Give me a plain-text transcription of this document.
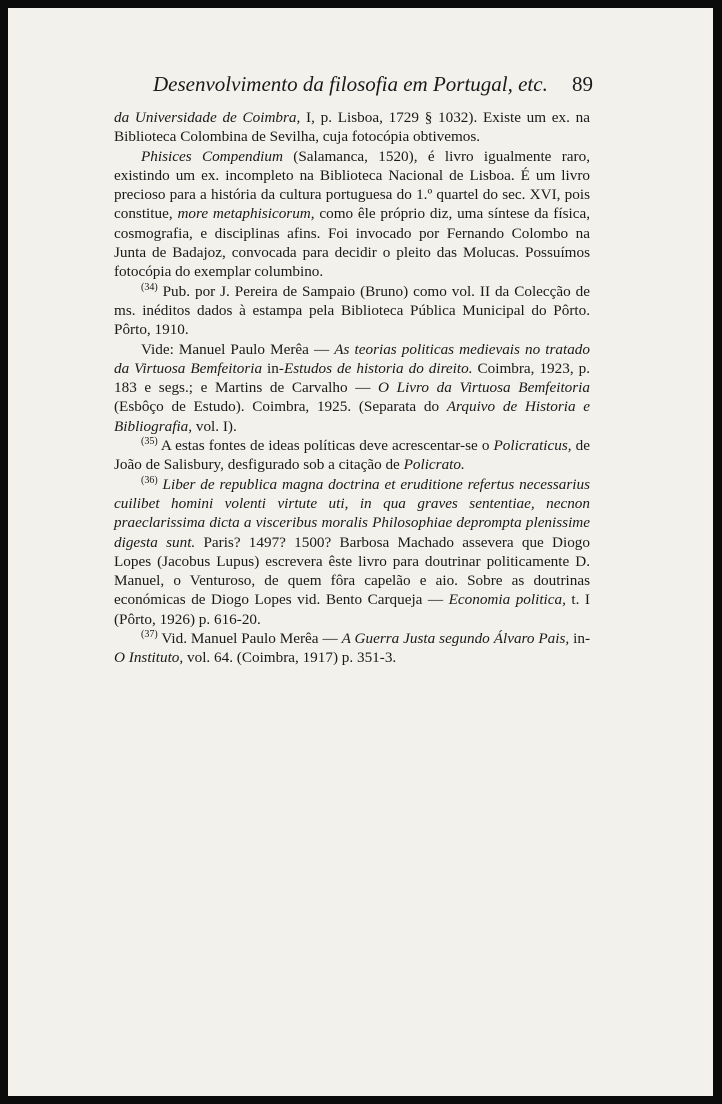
Desenvolvimento da filosofia em Portugal, etc. 89

da Universidade de Coimbra, I, p. Lisboa, 1729 § 1032). Existe um ex. na Biblioteca Colombina de Sevilha, cuja fotocópia obtivemos.

Phisices Compendium (Salamanca, 1520), é livro igualmente raro, existindo um ex. incompleto na Biblioteca Nacional de Lisboa. É um livro precioso para a história da cultura portuguesa do 1.º quartel do sec. XVI, pois constitue, more metaphisicorum, como êle próprio diz, uma síntese da física, cosmografia, e disciplinas afins. Foi invocado por Fernando Colombo na Junta de Badajoz, convocada para decidir o pleito das Molucas. Possuímos fotocópia do exemplar columbino.

$^{(34)}$ Pub. por J. Pereira de Sampaio (Bruno) como vol. II da Colecção de ms. inéditos dados à estampa pela Biblioteca Pública Municipal do Pôrto. Pôrto, 1910.

Vide: Manuel Paulo Merêa — As teorias politicas medievais no tratado da Virtuosa Bemfeitoria in-Estudos de historia do direito. Coimbra, 1923, p. 183 e segs.; e Martins de Carvalho — O Livro da Virtuosa Bemfeitoria (Esbôço de Estudo). Coimbra, 1925. (Separata do Arquivo de Historia e Bibliografia, vol. I).

$^{(35)}$ A estas fontes de ideas políticas deve acrescentar-se o Policraticus, de João de Salisbury, desfigurado sob a citação de Policrato.

$^{(36)}$ Liber de republica magna doctrina et eruditione refertus necessarius cuilibet homini volenti virtute uti, in qua graves sententiae, necnon praeclarissima dicta a visceribus moralis Philosophiae deprompta plenissime digesta sunt. Paris? 1497? 1500? Barbosa Machado assevera que Diogo Lopes (Jacobus Lupus) escrevera êste livro para doutrinar politicamente D. Manuel, o Venturoso, de quem fôra capelão e aio. Sobre as doutrinas económicas de Diogo Lopes vid. Bento Carqueja — Economia politica, t. I (Pôrto, 1926) p. 616-20.

$^{(37)}$ Vid. Manuel Paulo Merêa — A Guerra Justa segundo Álvaro Pais, in-O Instituto, vol. 64. (Coimbra, 1917) p. 351-3.
